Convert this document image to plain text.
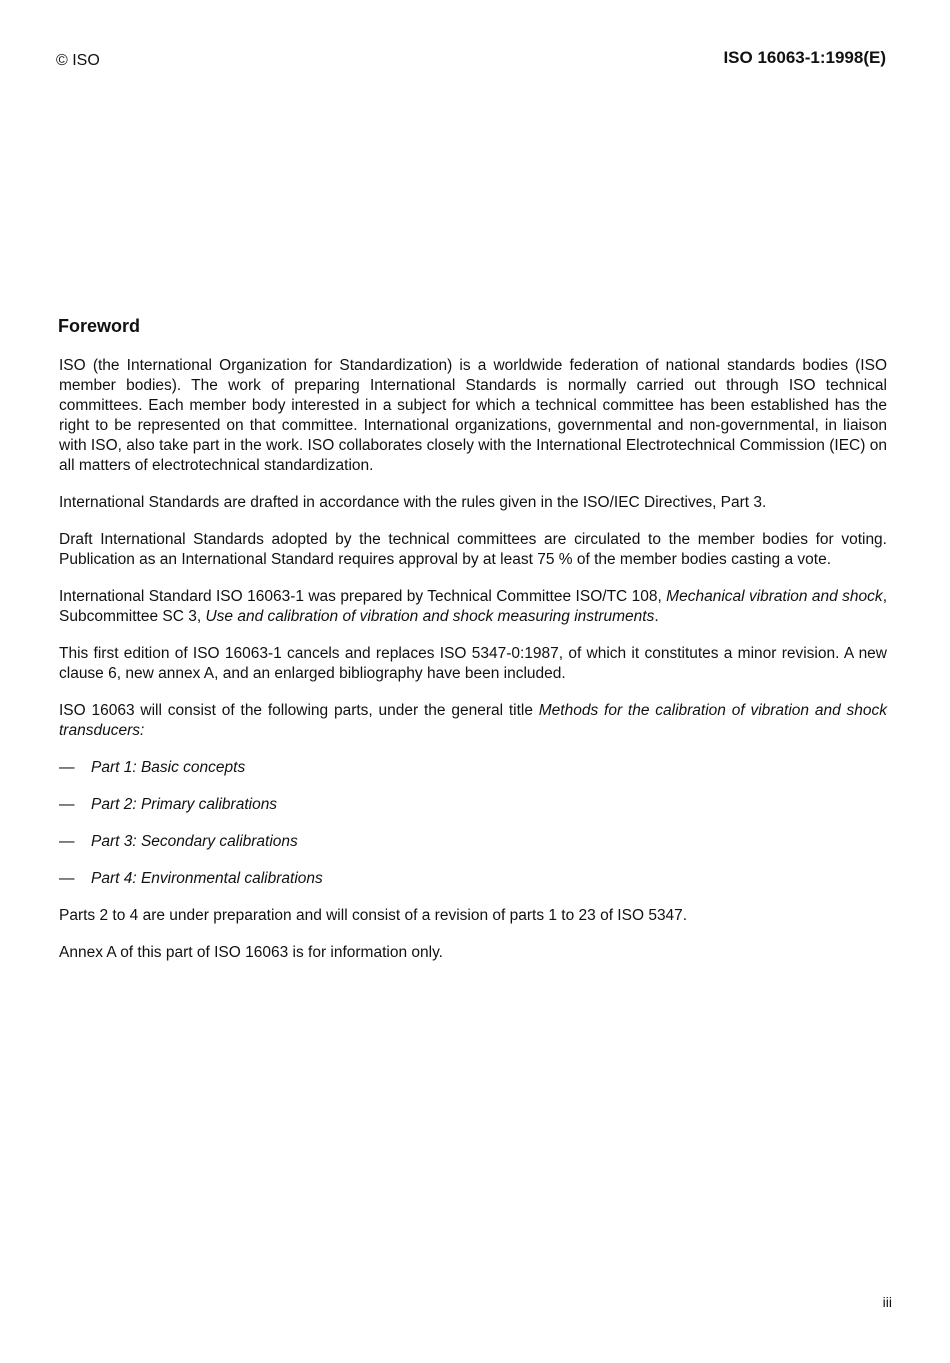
© ISO	ISO 16063-1:1998(E)
Foreword

ISO (the International Organization for Standardization) is a worldwide federation of national standards bodies (ISO member bodies). The work of preparing International Standards is normally carried out through ISO technical committees. Each member body interested in a subject for which a technical committee has been established has the right to be represented on that committee. International organizations, governmental and non-governmental, in liaison with ISO, also take part in the work. ISO collaborates closely with the International Electrotechnical Commission (IEC) on all matters of electrotechnical standardization.

International Standards are drafted in accordance with the rules given in the ISO/IEC Directives, Part 3.

Draft International Standards adopted by the technical committees are circulated to the member bodies for voting. Publication as an International Standard requires approval by at least 75 % of the member bodies casting a vote.

International Standard ISO 16063-1 was prepared by Technical Committee ISO/TC 108, Mechanical vibration and shock, Subcommittee SC 3, Use and calibration of vibration and shock measuring instruments.

This first edition of ISO 16063-1 cancels and replaces ISO 5347-0:1987, of which it constitutes a minor revision. A new clause 6, new annex A, and an enlarged bibliography have been included.

ISO 16063 will consist of the following parts, under the general title Methods for the calibration of vibration and shock transducers:

—	Part 1: Basic concepts
—	Part 2: Primary calibrations
—	Part 3: Secondary calibrations
—	Part 4: Environmental calibrations

Parts 2 to 4 are under preparation and will consist of a revision of parts 1 to 23 of ISO 5347.

Annex A of this part of ISO 16063 is for information only.

iii
